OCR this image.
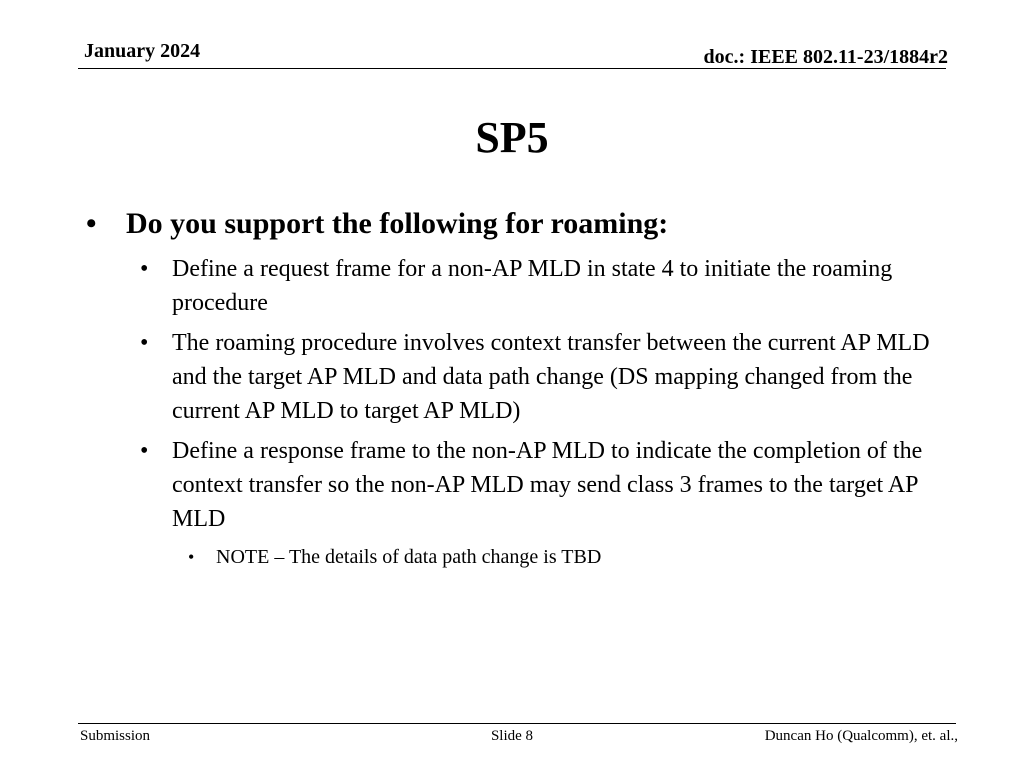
January 2024	doc.: IEEE 802.11-23/1884r2
SP5
• Do you support the following for roaming:
• Define a request frame for a non-AP MLD in state 4 to initiate the roaming procedure
• The roaming procedure involves context transfer between the current AP MLD and the target AP MLD and data path change (DS mapping changed from the current AP MLD to target AP MLD)
• Define a response frame to the non-AP MLD to indicate the completion of the context transfer so the non-AP MLD may send class 3 frames to the target AP MLD
• NOTE – The details of data path change is TBD
Submission	Slide 8	Duncan Ho (Qualcomm), et. al.,
